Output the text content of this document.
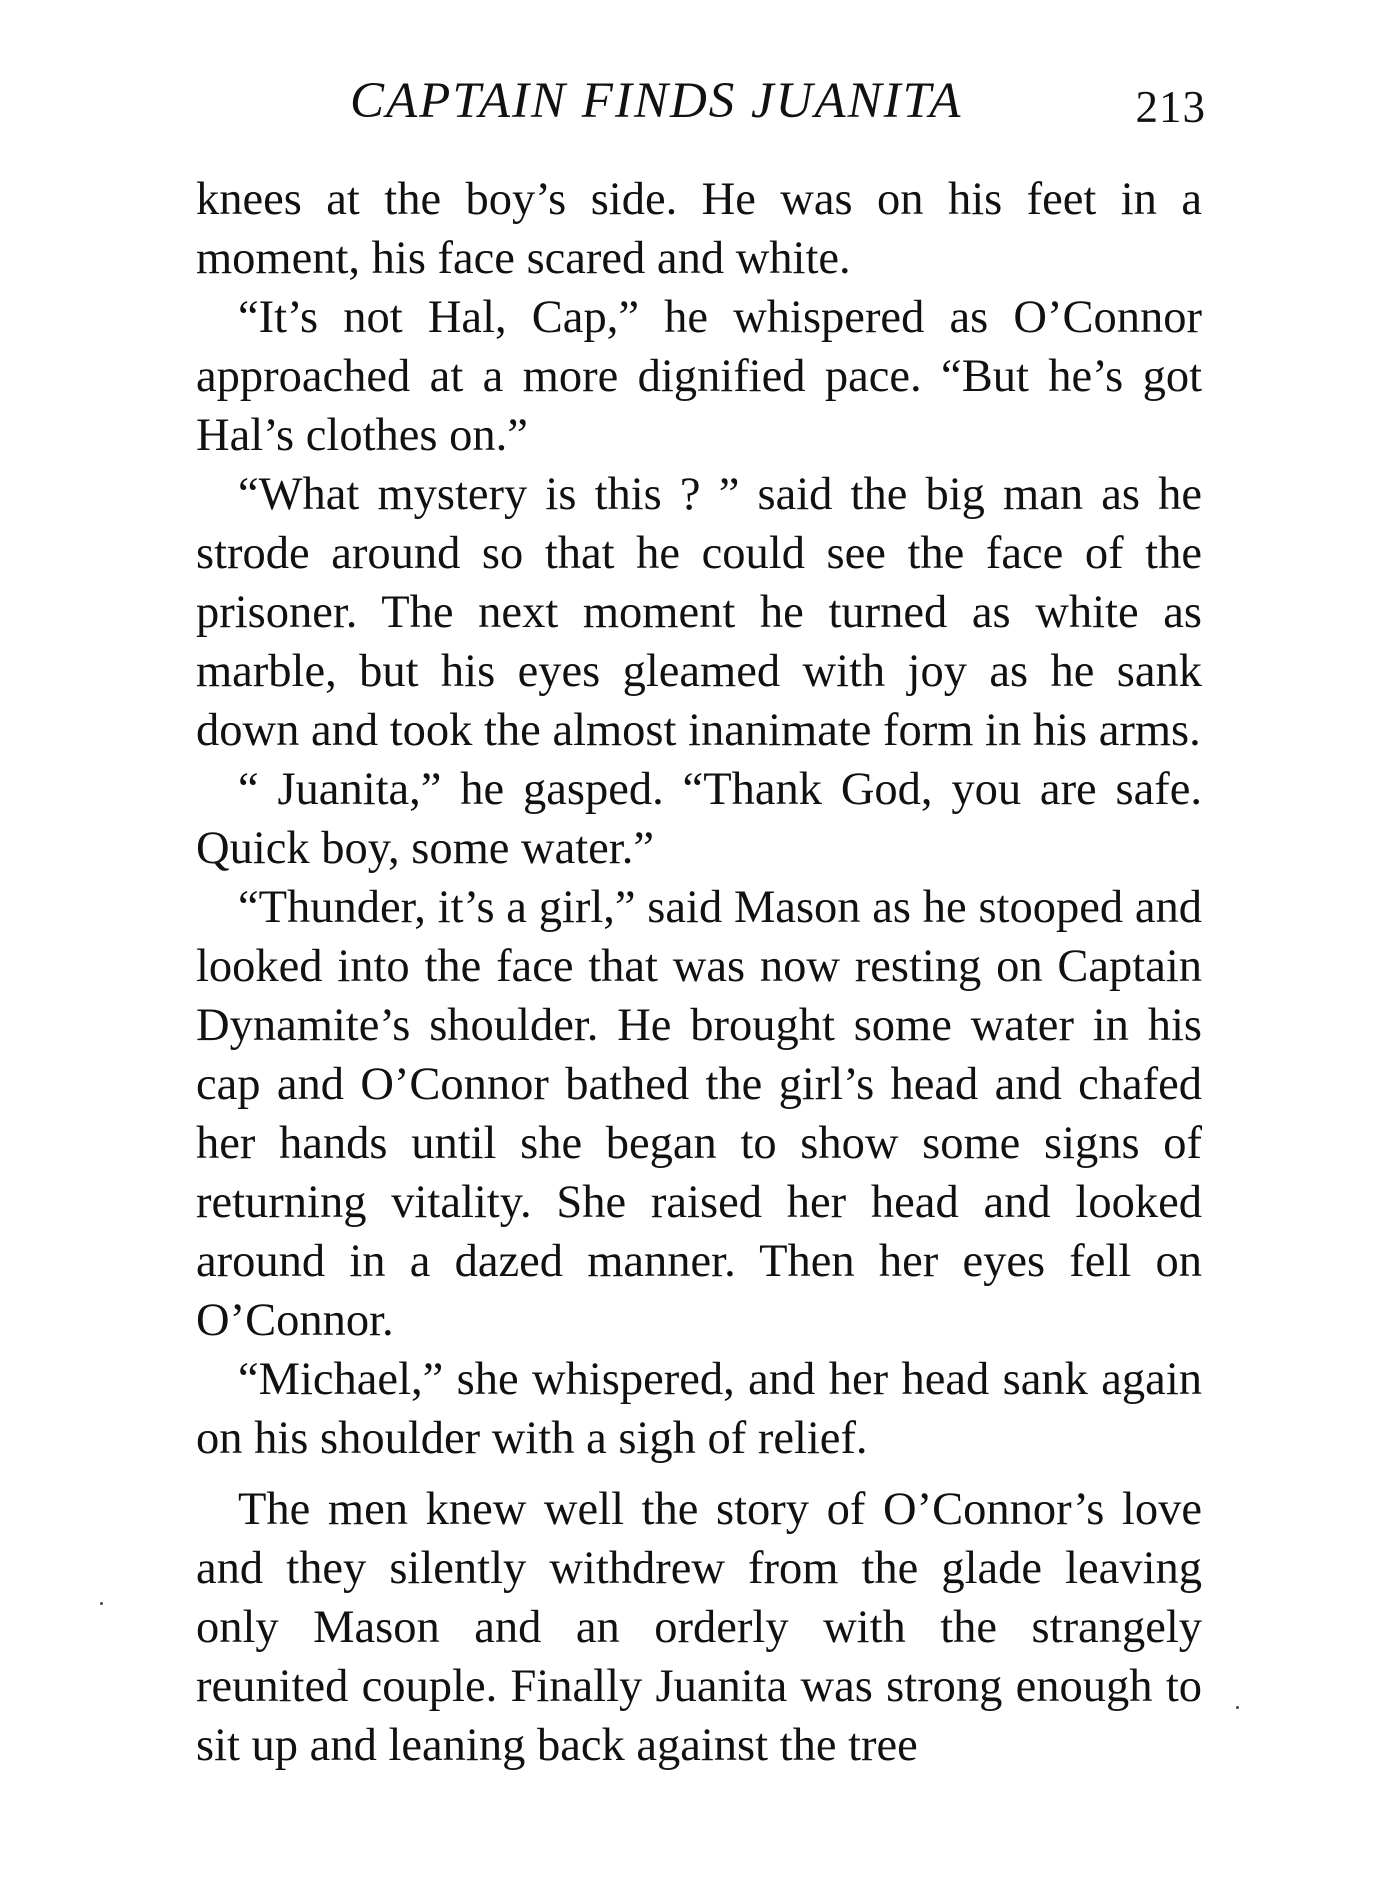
CAPTAIN FINDS JUANITA	213

knees at the boy’s side. He was on his feet in a moment, his face scared and white.

“It’s not Hal, Cap,” he whispered as O’Connor approached at a more dignified pace. “But he’s got Hal’s clothes on.”

“What mystery is this ? ” said the big man as he strode around so that he could see the face of the prisoner. The next moment he turned as white as marble, but his eyes gleamed with joy as he sank down and took the almost inanimate form in his arms.

“ Juanita,” he gasped. “Thank God, you are safe. Quick boy, some water.”

“Thunder, it’s a girl,” said Mason as he stooped and looked into the face that was now resting on Captain Dynamite’s shoulder. He brought some water in his cap and O’Connor bathed the girl’s head and chafed her hands until she began to show some signs of returning vitality. She raised her head and looked around in a dazed manner. Then her eyes fell on O’Connor.

“Michael,” she whispered, and her head sank again on his shoulder with a sigh of relief.

The men knew well the story of O’Connor’s love and they silently withdrew from the glade leaving only Mason and an orderly with the strangely reunited couple. Finally Juanita was strong enough to sit up and leaning back against the tree
